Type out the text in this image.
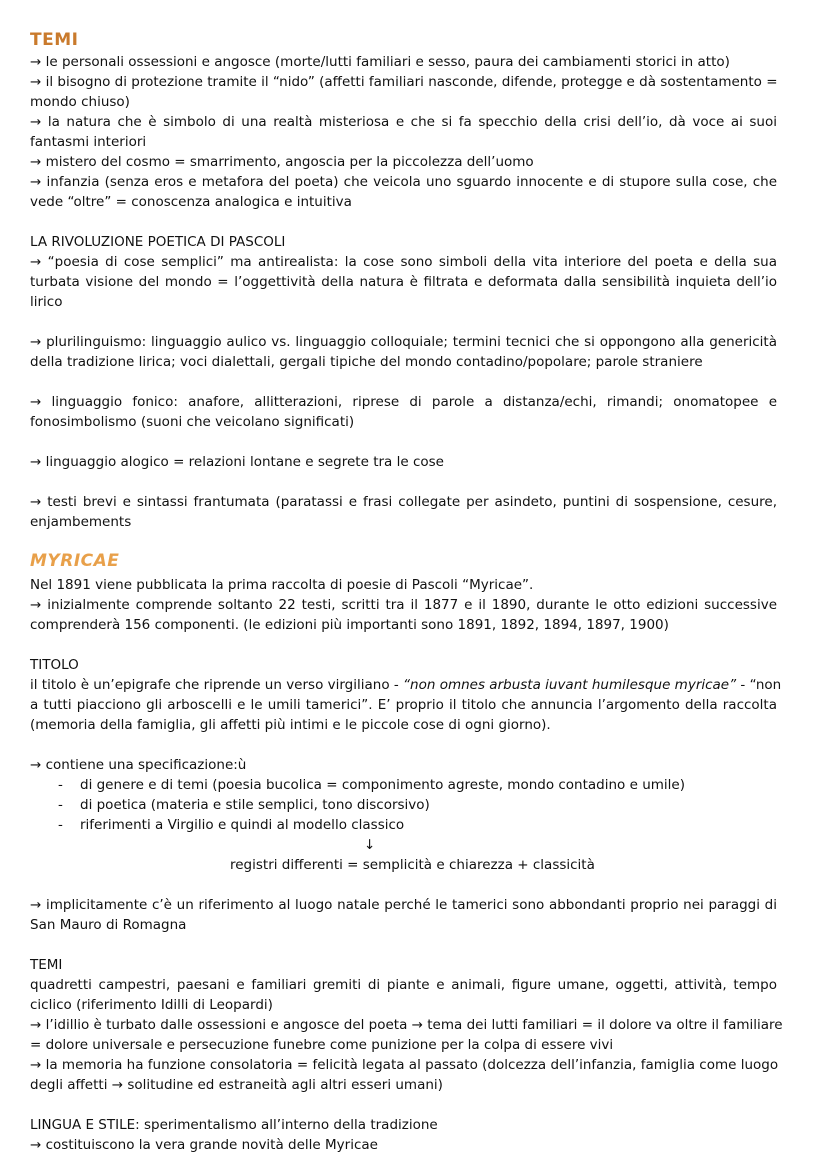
TEMI
→ le personali ossessioni e angosce (morte/lutti familiari e sesso, paura dei cambiamenti storici in atto)
→ il bisogno di protezione tramite il “nido” (affetti familiari nasconde, difende, protegge e dà sostentamento =
mondo chiuso)
→ la natura che è simbolo di una realtà misteriosa e che si fa specchio della crisi dell’io, dà voce ai suoi
fantasmi interiori
→ mistero del cosmo = smarrimento, angoscia per la piccolezza dell’uomo
→ infanzia (senza eros e metafora del poeta) che veicola uno sguardo innocente e di stupore sulla cose, che
vede “oltre” = conoscenza analogica e intuitiva
LA RIVOLUZIONE POETICA DI PASCOLI
→ “poesia di cose semplici” ma antirealista: la cose sono simboli della vita interiore del poeta e della sua
turbata visione del mondo = l’oggettività della natura è filtrata e deformata dalla sensibilità inquieta dell’io
lirico
→ plurilinguismo: linguaggio aulico vs. linguaggio colloquiale; termini tecnici che si oppongono alla genericità
della tradizione lirica; voci dialettali, gergali tipiche del mondo contadino/popolare; parole straniere
→ linguaggio fonico: anafore, allitterazioni, riprese di parole a distanza/echi, rimandi; onomatopee e
fonosimbolismo (suoni che veicolano significati)
→ linguaggio alogico = relazioni lontane e segrete tra le cose
→ testi brevi e sintassi frantumata (paratassi e frasi collegate per asindeto, puntini di sospensione, cesure,
enjambements
MYRICAE
Nel 1891 viene pubblicata la prima raccolta di poesie di Pascoli “Myricae”.
→ inizialmente comprende soltanto 22 testi, scritti tra il 1877 e il 1890, durante le otto edizioni successive
comprenderà 156 componenti. (le edizioni più importanti sono 1891, 1892, 1894, 1897, 1900)
TITOLO
il titolo è un’epigrafe che riprende un verso virgiliano - “non omnes arbusta iuvant humilesque myricae” - “non
a tutti piacciono gli arboscelli e le umili tamerici”. E’ proprio il titolo che annuncia l’argomento della raccolta
(memoria della famiglia, gli affetti più intimi e le piccole cose di ogni giorno).
→ contiene una specificazione:ù
- di genere e di temi (poesia bucolica = componimento agreste, mondo contadino e umile)
- di poetica (materia e stile semplici, tono discorsivo)
- riferimenti a Virgilio e quindi al modello classico
↓
registri differenti = semplicità e chiarezza + classicità
→ implicitamente c’è un riferimento al luogo natale perché le tamerici sono abbondanti proprio nei paraggi di
San Mauro di Romagna
TEMI
quadretti campestri, paesani e familiari gremiti di piante e animali, figure umane, oggetti, attività, tempo
ciclico (riferimento Idilli di Leopardi)
→ l’idillio è turbato dalle ossessioni e angosce del poeta → tema dei lutti familiari = il dolore va oltre il familiare
= dolore universale e persecuzione funebre come punizione per la colpa di essere vivi
→ la memoria ha funzione consolatoria = felicità legata al passato (dolcezza dell’infanzia, famiglia come luogo
degli affetti → solitudine ed estraneità agli altri esseri umani)
LINGUA E STILE: sperimentalismo all’interno della tradizione
→ costituiscono la vera grande novità delle Myricae
